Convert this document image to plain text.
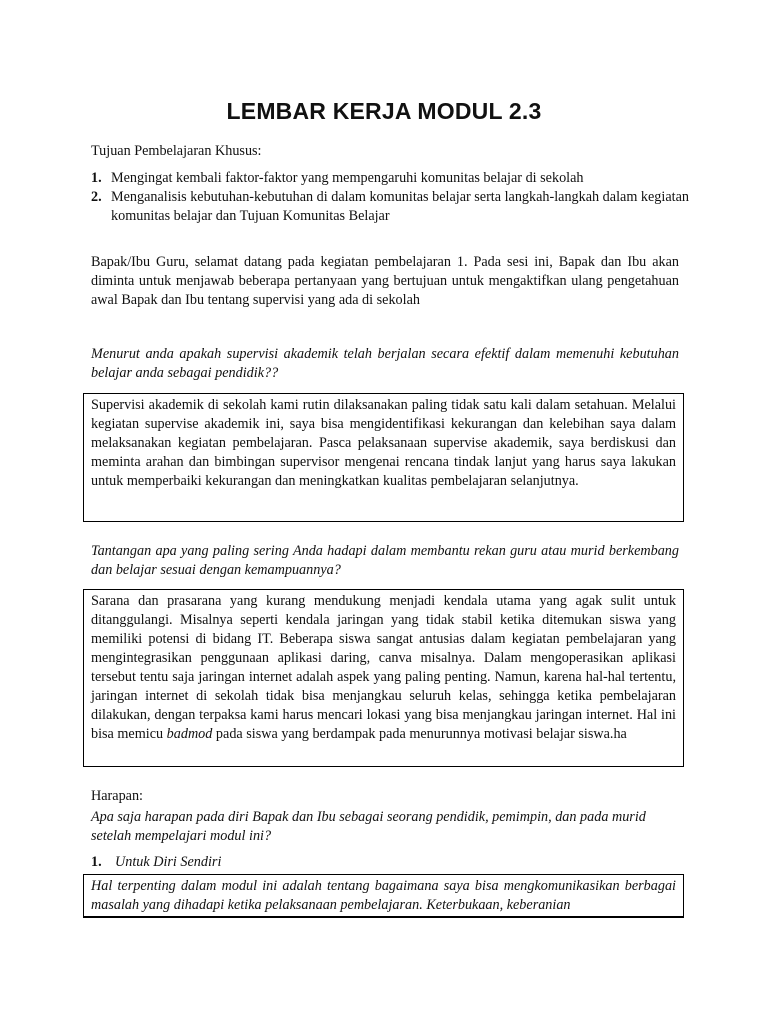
LEMBAR KERJA MODUL 2.3
Tujuan Pembelajaran Khusus:
1. Mengingat kembali faktor-faktor yang mempengaruhi komunitas belajar di sekolah
2. Menganalisis kebutuhan-kebutuhan di dalam komunitas belajar serta langkah-langkah dalam kegiatan komunitas belajar dan Tujuan Komunitas Belajar
Bapak/Ibu Guru, selamat datang pada kegiatan pembelajaran 1. Pada sesi ini, Bapak dan Ibu akan diminta untuk menjawab beberapa pertanyaan yang bertujuan untuk mengaktifkan ulang pengetahuan awal Bapak dan Ibu tentang supervisi yang ada di sekolah
Menurut anda apakah supervisi akademik telah berjalan secara efektif dalam memenuhi kebutuhan belajar anda sebagai pendidik??
Supervisi akademik di sekolah kami rutin dilaksanakan paling tidak satu kali dalam setahuan. Melalui kegiatan supervise akademik ini, saya bisa mengidentifikasi kekurangan dan kelebihan saya dalam melaksanakan kegiatan pembelajaran. Pasca pelaksanaan supervise akademik, saya berdiskusi dan meminta arahan dan bimbingan supervisor mengenai rencana tindak lanjut yang harus saya lakukan untuk memperbaiki kekurangan dan meningkatkan kualitas pembelajaran selanjutnya.
Tantangan apa yang paling sering Anda hadapi dalam membantu rekan guru atau murid berkembang dan belajar sesuai dengan kemampuannya?
Sarana dan prasarana yang kurang mendukung menjadi kendala utama yang agak sulit untuk ditanggulangi. Misalnya seperti kendala jaringan yang tidak stabil ketika ditemukan siswa yang memiliki potensi di bidang IT. Beberapa siswa sangat antusias dalam kegiatan pembelajaran yang mengintegrasikan penggunaan aplikasi daring, canva misalnya. Dalam mengoperasikan aplikasi tersebut tentu saja jaringan internet adalah aspek yang paling penting. Namun, karena hal-hal tertentu, jaringan internet di sekolah tidak bisa menjangkau seluruh kelas, sehingga ketika pembelajaran dilakukan, dengan terpaksa kami harus mencari lokasi yang bisa menjangkau jaringan internet. Hal ini bisa memicu badmod pada siswa yang berdampak pada menurunnya motivasi belajar siswa.ha
Harapan:
Apa saja harapan pada diri Bapak dan Ibu sebagai seorang pendidik, pemimpin, dan pada murid setelah mempelajari modul ini?
1. Untuk Diri Sendiri
Hal terpenting dalam modul ini adalah tentang bagaimana saya bisa mengkomunikasikan berbagai masalah yang dihadapi ketika pelaksanaan pembelajaran. Keterbukaan, keberanian
